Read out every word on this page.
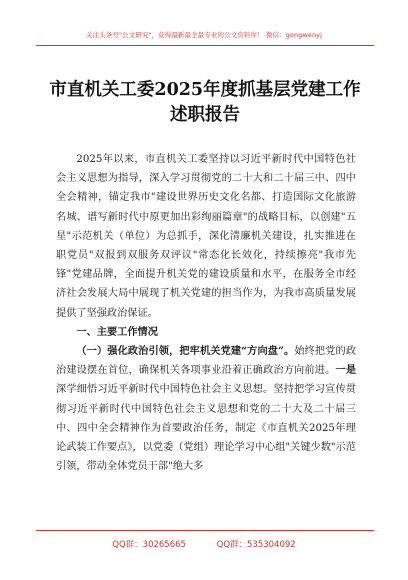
关注头条号"公文研究"，获得最新最全最专业的公文资料库！ 微信：gongwenyj
市直机关工委2025年度抓基层党建工作
述职报告

2025年以来，市直机关工委坚持以习近平新时代中国特色社会主义思想为指导，深入学习贯彻党的二十大和二十届三中、四中全会精神，锚定我市"建设世界历史文化名都、打造国际文化旅游名城、谱写新时代中原更加出彩绚丽篇章"的战略目标，以创建"五星"示范机关（单位）为总抓手，深化清廉机关建设，扎实推进在职党员"双报到双服务双评议"常态化长效化，持续擦亮"我市先锋"党建品牌，全面提升机关党的建设质量和水平，在服务全市经济社会发展大局中展现了机关党建的担当作为，为我市高质量发展提供了坚强政治保证。

一、主要工作情况

（一）强化政治引领，把牢机关党建“方向盘”。始终把党的政治建设摆在首位，确保机关各项事业沿着正确政治方向前进。一是深学细悟习近平新时代中国特色社会主义思想。坚持把学习宣传贯彻习近平新时代中国特色社会主义思想和党的二十大及二十届三中、四中全会精神作为首要政治任务，制定《市直机关2025年理论武装工作要点》，以党委（党组）理论学习中心组"关键少数"示范引领，带动全体党员干部"绝大多

QQ群：30265665	QQ群：535304092
